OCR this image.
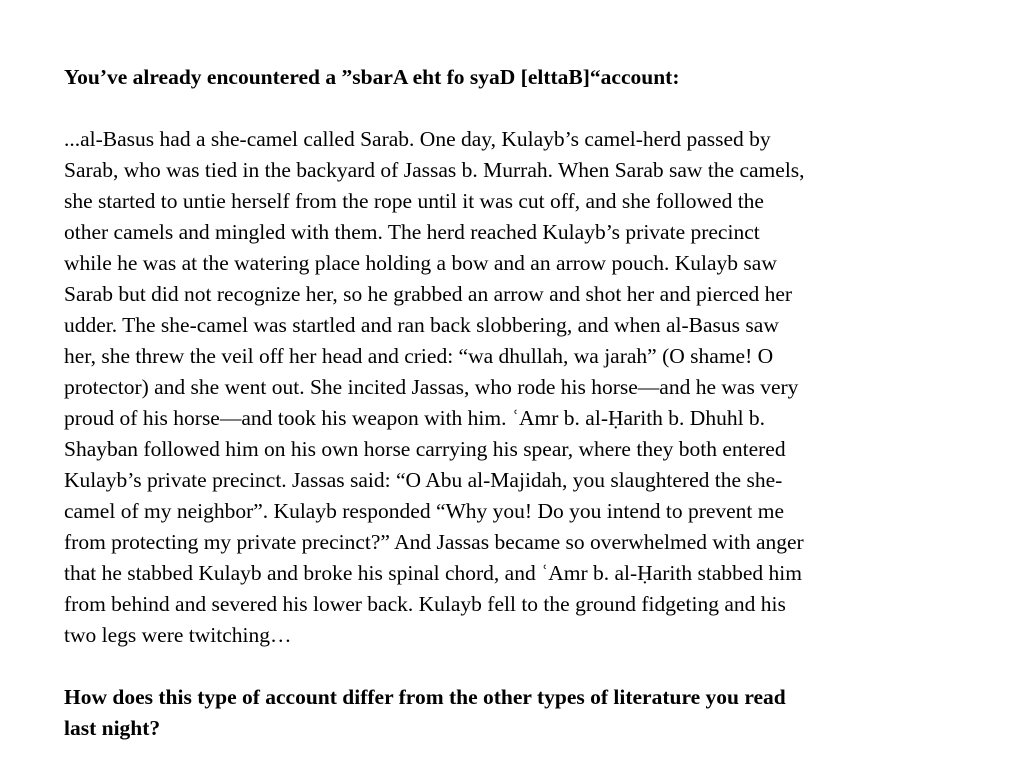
You’ve already encountered a ”sbarA eht fo syaD [elttaB]“account:

...al-Basus had a she-camel called Sarab. One day, Kulayb’s camel-herd passed by
Sarab, who was tied in the backyard of Jassas b. Murrah. When Sarab saw the camels,
she started to untie herself from the rope until it was cut off, and she followed the
other camels and mingled with them. The herd reached Kulayb’s private precinct
while he was at the watering place holding a bow and an arrow pouch. Kulayb saw
Sarab but did not recognize her, so he grabbed an arrow and shot her and pierced her
udder. The she-camel was startled and ran back slobbering, and when al-Basus saw
her, she threw the veil off her head and cried: “wa dhullah, wa jarah” (O shame! O
protector) and she went out. She incited Jassas, who rode his horse—and he was very
proud of his horse—and took his weapon with him. ʿAmr b. al-Ḥarith b. Dhuhl b.
Shayban followed him on his own horse carrying his spear, where they both entered
Kulayb’s private precinct. Jassas said: “O Abu al-Majidah, you slaughtered the she-
camel of my neighbor”. Kulayb responded “Why you! Do you intend to prevent me
from protecting my private precinct?” And Jassas became so overwhelmed with anger
that he stabbed Kulayb and broke his spinal chord, and ʿAmr b. al-Ḥarith stabbed him
from behind and severed his lower back. Kulayb fell to the ground fidgeting and his
two legs were twitching…
How does this type of account differ from the other types of literature you read
last night?
